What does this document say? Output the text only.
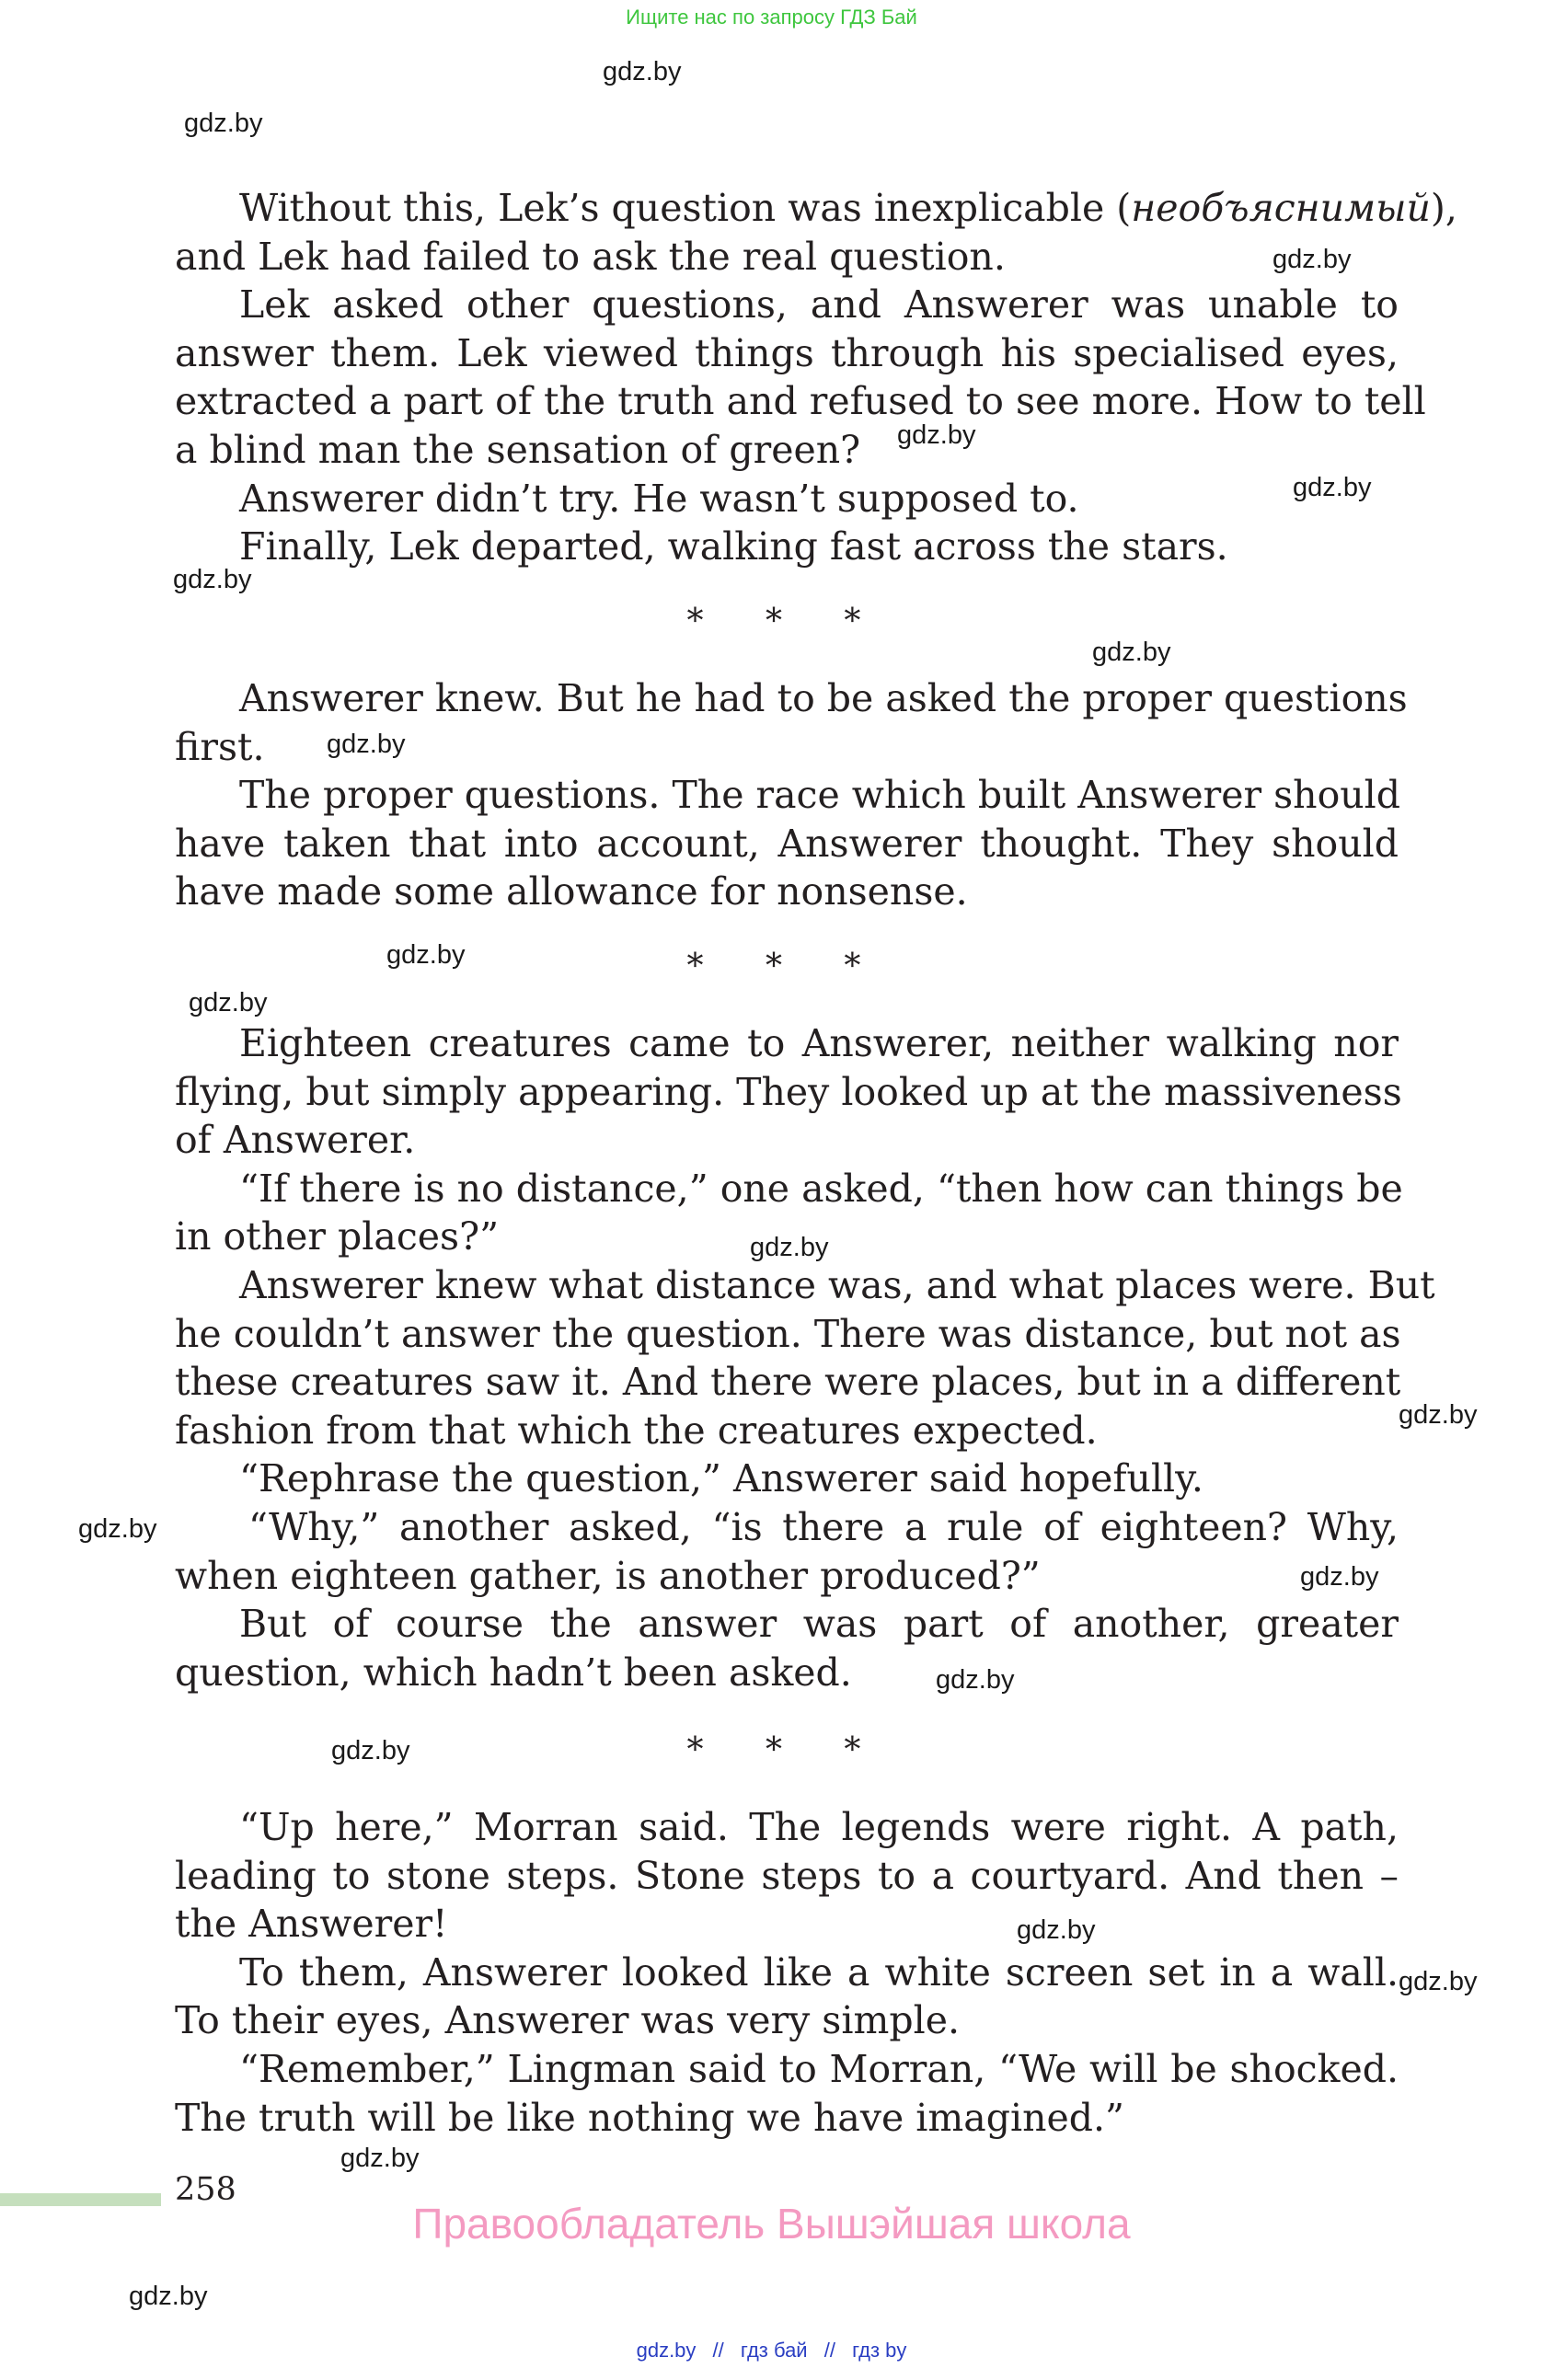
Ищите нас по запросу ГДЗ Бай
gdz.by
gdz.by
gdz.by
gdz.by
gdz.by
gdz.by
gdz.by
gdz.by
gdz.by
gdz.by
gdz.by
gdz.by
gdz.by
gdz.by
gdz.by
gdz.by
gdz.by
gdz.by
gdz.by
gdz.by
Without this, Lek’s question was inexplicable (необъяснимый),
and Lek had failed to ask the real question.
Lek asked other questions, and Answerer was unable to
answer them. Lek viewed things through his specialised eyes,
extracted a part of the truth and refused to see more. How to tell
a blind man the sensation of green?
Answerer didn’t try. He wasn’t supposed to.
Finally, Lek departed, walking fast across the stars.
* * *
Answerer knew. But he had to be asked the proper questions
first.
The proper questions. The race which built Answerer should
have taken that into account, Answerer thought. They should
have made some allowance for nonsense.
* * *
Eighteen creatures came to Answerer, neither walking nor
flying, but simply appearing. They looked up at the massiveness
of Answerer.
“If there is no distance,” one asked, “then how can things be
in other places?”
Answerer knew what distance was, and what places were. But
he couldn’t answer the question. There was distance, but not as
these creatures saw it. And there were places, but in a different
fashion from that which the creatures expected.
“Rephrase the question,” Answerer said hopefully.
“Why,” another asked, “is there a rule of eighteen? Why,
when eighteen gather, is another produced?”
But of course the answer was part of another, greater
question, which hadn’t been asked.
* * *
“Up here,” Morran said. The legends were right. A path,
leading to stone steps. Stone steps to a courtyard. And then –
the Answerer!
To them, Answerer looked like a white screen set in a wall.
To their eyes, Answerer was very simple.
“Remember,” Lingman said to Morran, “We will be shocked.
The truth will be like nothing we have imagined.”
258
Правообладатель Вышэйшая школа
gdz.by // гдз бай // гдз by
